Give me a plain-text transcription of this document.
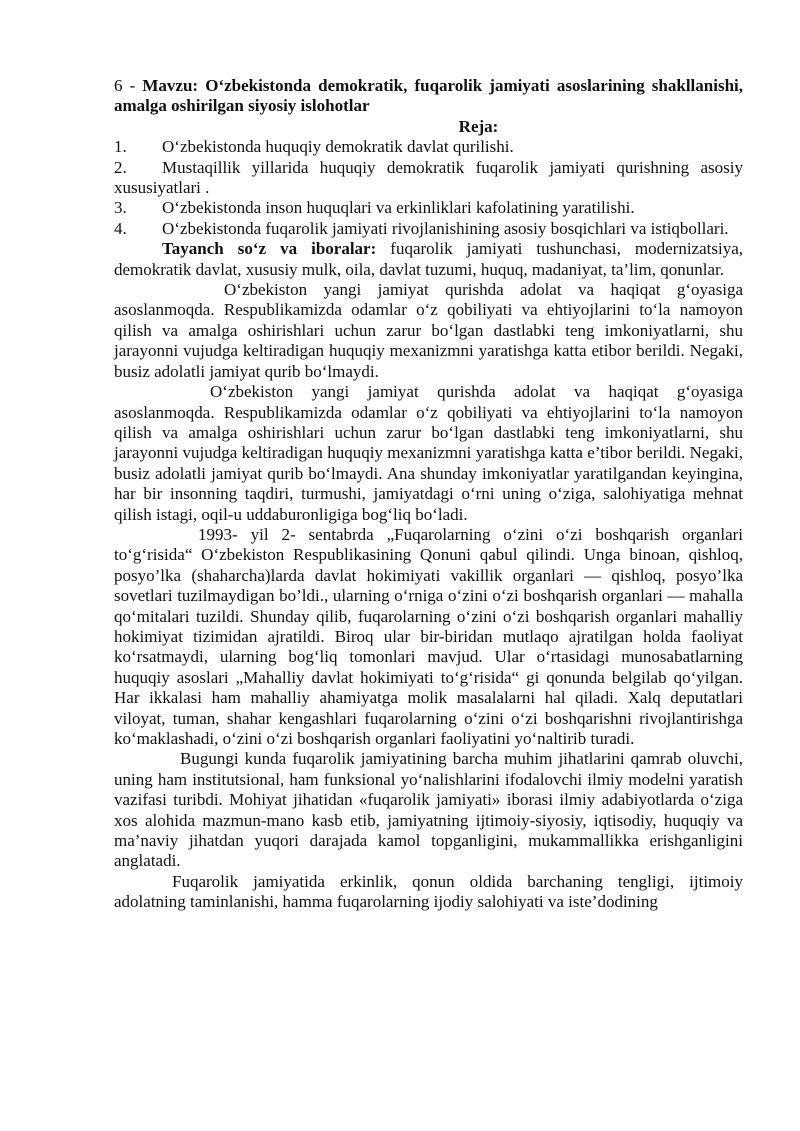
6 - Mavzu: O‘zbekistonda demokratik, fuqarolik jamiyati asoslarining shakllanishi, amalga oshirilgan siyosiy islohotlar

Reja:

1. O‘zbekistonda huquqiy demokratik davlat qurilishi.

2. Mustaqillik yillarida huquqiy demokratik fuqarolik jamiyati qurishning asosiy xususiyatlari .

3. O‘zbekistonda inson huquqlari va erkinliklari kafolatining yaratilishi.

4. O‘zbekistonda fuqarolik jamiyati rivojlanishining asosiy bosqichlari va istiqbollari.

Tayanch so‘z va iboralar: fuqarolik jamiyati tushunchasi, modernizatsiya, demokratik davlat, xususiy mulk, oila, davlat tuzumi, huquq, madaniyat, ta’lim, qonunlar.

O‘zbekiston yangi jamiyat qurishda adolat va haqiqat g‘oyasiga asoslanmoqda. Respublikamizda odamlar o‘z qobiliyati va ehtiyojlarini to‘la namoyon qilish va amalga oshirishlari uchun zarur bo‘lgan dastlabki teng imkoniyatlarni, shu jarayonni vujudga keltiradigan huquqiy mexanizmni yaratishga katta etibor berildi. Negaki, busiz adolatli jamiyat qurib bo‘lmaydi.

O‘zbekiston yangi jamiyat qurishda adolat va haqiqat g‘oyasiga asoslanmoqda. Respublikamizda odamlar o‘z qobiliyati va ehtiyojlarini to‘la namoyon qilish va amalga oshirishlari uchun zarur bo‘lgan dastlabki teng imkoniyatlarni, shu jarayonni vujudga keltiradigan huquqiy mexanizmni yaratishga katta e’tibor berildi. Negaki, busiz adolatli jamiyat qurib bo‘lmaydi. Ana shunday imkoniyatlar yaratilgandan keyingina, har bir insonning taqdiri, turmushi, jamiyatdagi o‘rni uning o‘ziga, salohiyatiga mehnat qilish istagi, oqil-u uddaburonligiga bog‘liq bo‘ladi.

1993- yil 2- sentabrda „Fuqarolarning o‘zini o‘zi boshqarish organlari to‘g‘risida“ O‘zbekiston Respublikasining Qonuni qabul qilindi. Unga binoan, qishloq, posyo’lka (shaharcha)larda davlat hokimiyati vakillik organlari — qishloq, posyo’lka sovetlari tuzilmaydigan bo’ldi., ularning o‘rniga o‘zini o‘zi boshqarish organlari — mahalla qo‘mitalari tuzildi. Shunday qilib, fuqarolarning o‘zini o‘zi boshqarish organlari mahalliy hokimiyat tizimidan ajratildi. Biroq ular bir-biridan mutlaqo ajratilgan holda faoliyat ko‘rsatmaydi, ularning bog‘liq tomonlari mavjud. Ular o‘rtasidagi munosabatlarning huquqiy asoslari „Mahalliy davlat hokimiyati to‘g‘risida“ gi qonunda belgilab qo‘yilgan. Har ikkalasi ham mahalliy ahamiyatga molik masalalarni hal qiladi. Xalq deputatlari viloyat, tuman, shahar kengashlari fuqarolarning o‘zini o‘zi boshqarishni rivojlantirishga ko‘maklashadi, o‘zini o‘zi boshqarish organlari faoliyatini yo‘naltirib turadi.

Bugungi kunda fuqarolik jamiyatining barcha muhim jihatlarini qamrab oluvchi, uning ham institutsional, ham funksional yo‘nalishlarini ifodalovchi ilmiy modelni yaratish vazifasi turibdi. Mohiyat jihatidan «fuqarolik jamiyati» iborasi ilmiy adabiyotlarda o‘ziga xos alohida mazmun-mano kasb etib, jamiyatning ijtimoiy-siyosiy, iqtisodiy, huquqiy va ma’naviy jihatdan yuqori darajada kamol topganligini, mukammallikka erishganligini anglatadi.

Fuqarolik jamiyatida erkinlik, qonun oldida barchaning tengligi, ijtimoiy adolatning taminlanishi, hamma fuqarolarning ijodiy salohiyati va iste’dodining
